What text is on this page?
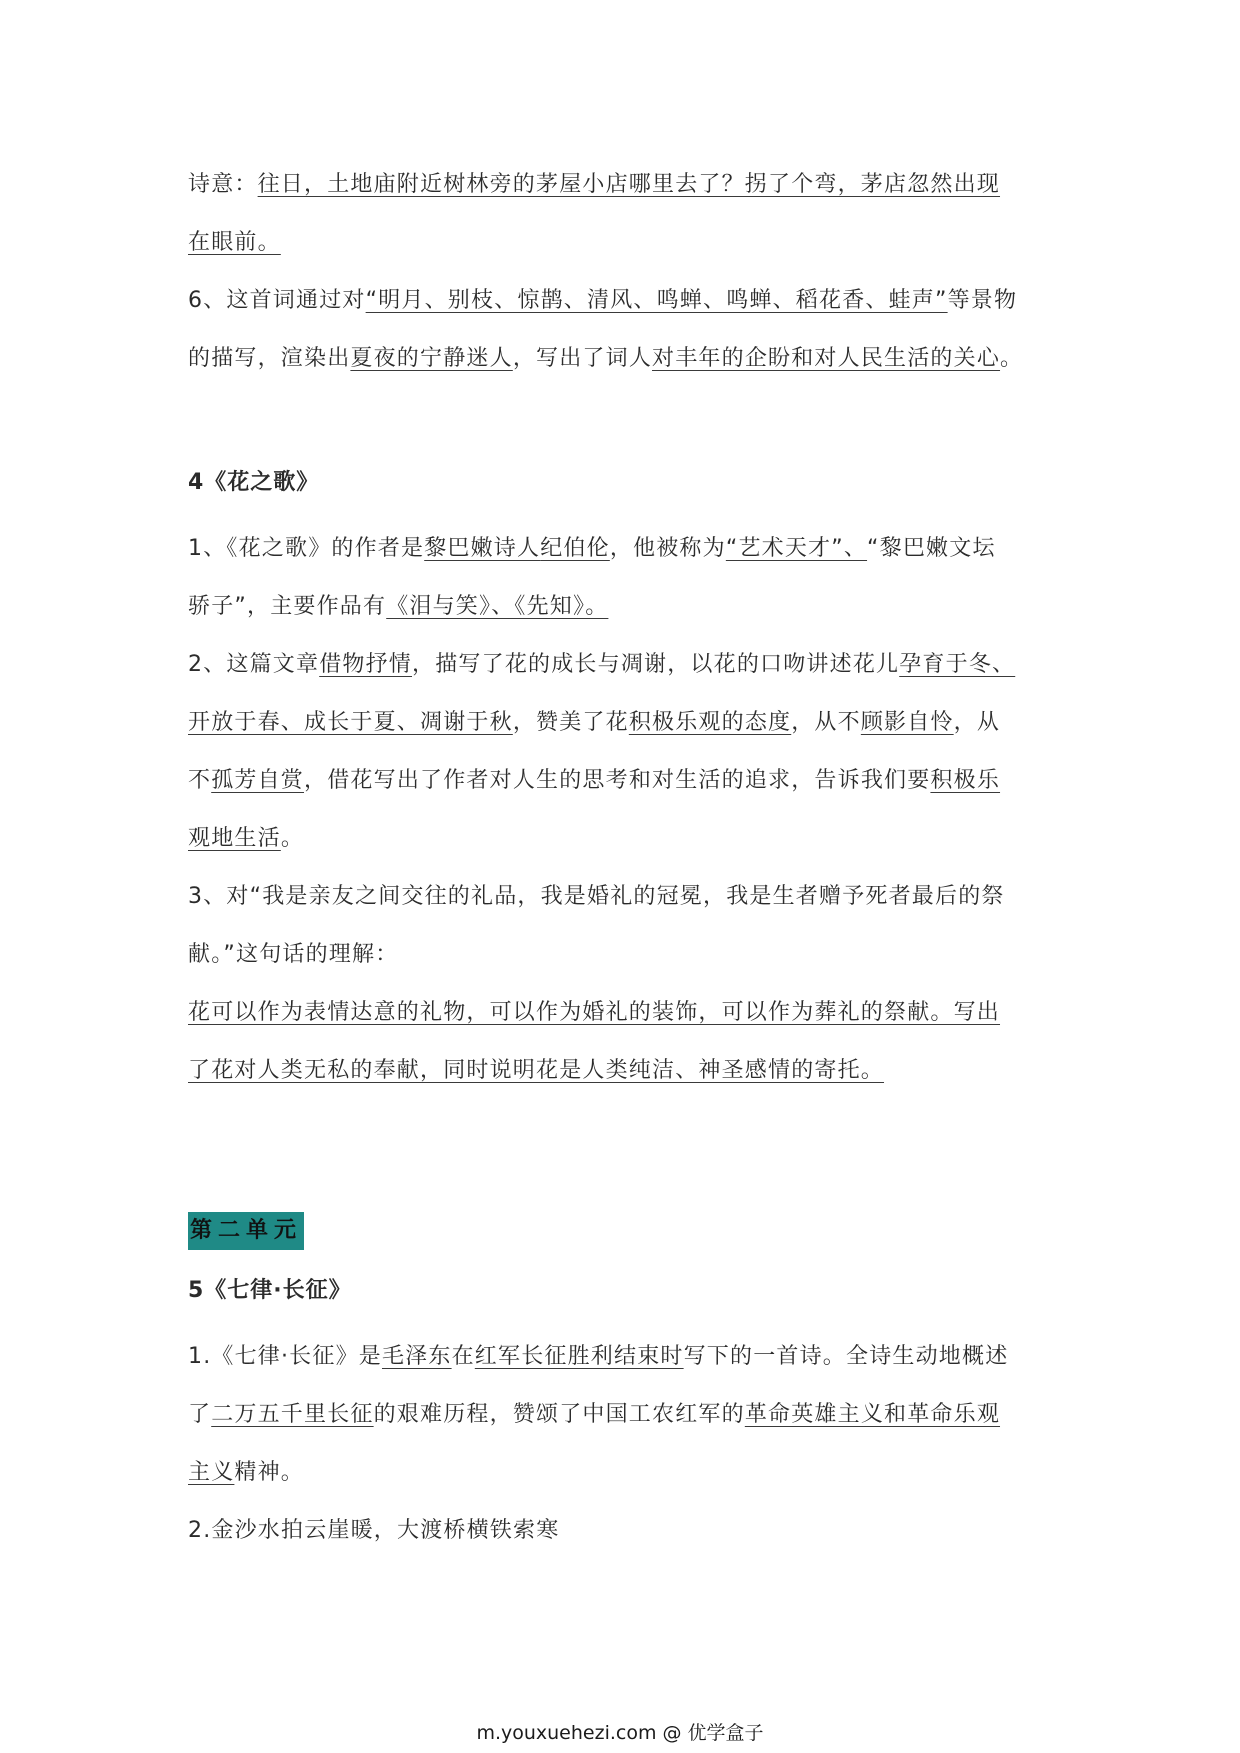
诗意：往日，土地庙附近树林旁的茅屋小店哪里去了？拐了个弯，茅店忽然出现
在眼前。
6、这首词通过对“明月、别枝、惊鹊、清风、鸣蝉、鸣蝉、稻花香、蛙声”等景物
的描写，渲染出夏夜的宁静迷人，写出了词人对丰年的企盼和对人民生活的关心。
4《花之歌》
1、《花之歌》的作者是黎巴嫩诗人纪伯伦，他被称为“艺术天才”、“黎巴嫩文坛
骄子”，主要作品有《泪与笑》、《先知》。
2、这篇文章借物抒情，描写了花的成长与凋谢，以花的口吻讲述花儿孕育于冬、
开放于春、成长于夏、凋谢于秋，赞美了花积极乐观的态度，从不顾影自怜，从
不孤芳自赏，借花写出了作者对人生的思考和对生活的追求，告诉我们要积极乐
观地生活。
3、对“我是亲友之间交往的礼品，我是婚礼的冠冕，我是生者赠予死者最后的祭
献。”这句话的理解：
花可以作为表情达意的礼物，可以作为婚礼的装饰，可以作为葬礼的祭献。写出
了花对人类无私的奉献，同时说明花是人类纯洁、神圣感情的寄托。
第二单元
5《七律·长征》
1.《七律·长征》是毛泽东在红军长征胜利结束时写下的一首诗。全诗生动地概述
了二万五千里长征的艰难历程，赞颂了中国工农红军的革命英雄主义和革命乐观
主义精神。
2.金沙水拍云崖暖，大渡桥横铁索寒
m.youxuehezi.com @ 优学盒子
